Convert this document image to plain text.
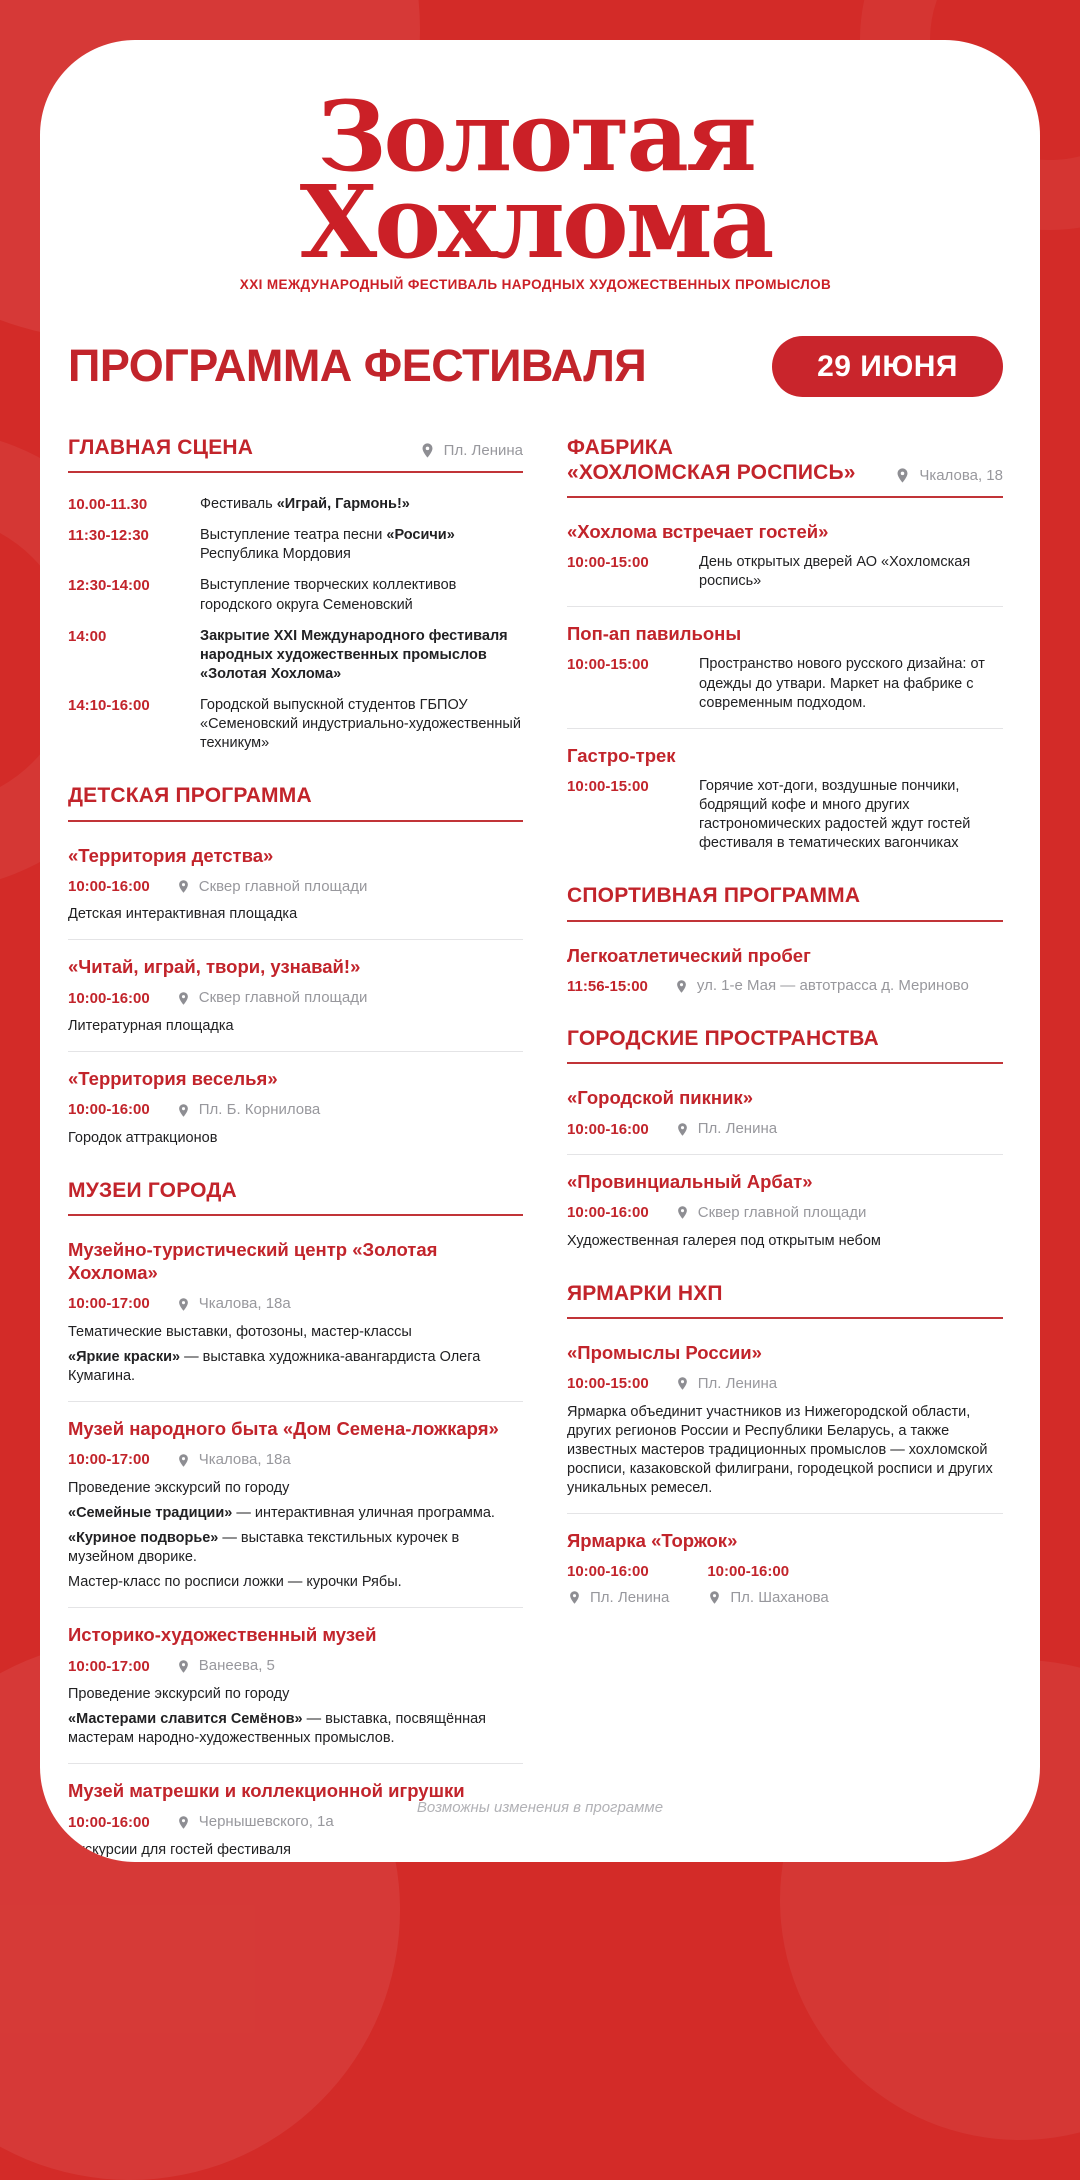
Золотая
Хохлома
XXI МЕЖДУНАРОДНЫЙ ФЕСТИВАЛЬ НАРОДНЫХ ХУДОЖЕСТВЕННЫХ ПРОМЫСЛОВ
ПРОГРАММА ФЕСТИВАЛЯ	29 ИЮНЯ
ГЛАВНАЯ СЦЕНА	Пл. Ленина
10.00-11.30	Фестиваль «Играй, Гармонь!»
11:30-12:30	Выступление театра песни «Росичи»
Республика Мордовия
12:30-14:00	Выступление творческих коллективов городского округа Семеновский
14:00	Закрытие XXI Международного фестиваля народных художественных промыслов «Золотая Хохлома»
14:10-16:00	Городской выпускной студентов ГБПОУ «Семеновский индустриально-художественный техникум»
ДЕТСКАЯ ПРОГРАММА
«Территория детства»
10:00-16:00	Сквер главной площади

Детская интерактивная площадка

«Читай, играй, твори, узнавай!»
10:00-16:00	Сквер главной площади

Литературная площадка

«Территория веселья»
10:00-16:00	Пл. Б. Корнилова

Городок аттракционов

МУЗЕИ ГОРОДА
Музейно-туристический центр «Золотая Хохлома»
10:00-17:00	Чкалова, 18а

Тематические выставки, фотозоны, мастер-классы

«Яркие краски» — выставка художника-авангардиста Олега Кумагина.

Музей народного быта «Дом Семена-ложкаря»
10:00-17:00	Чкалова, 18а

Проведение экскурсий по городу

«Семейные традиции» — интерактивная уличная программа.

«Куриное подворье» — выставка текстильных курочек в музейном дворике.

Мастер-класс по росписи ложки — курочки Рябы.

Историко-художественный музей
10:00-17:00	Ванеева, 5

Проведение экскурсий по городу

«Мастерами славится Семёнов» — выставка, посвящённая мастерам народно-художественных промыслов.

Музей матрешки и коллекционной игрушки
10:00-16:00	Чернышевского, 1а

Экскурсии для гостей фестиваля

ФАБРИКА
«ХОХЛОМСКАЯ РОСПИСЬ»	Чкалова, 18
«Хохлома встречает гостей»
10:00-15:00	День открытых дверей АО «Хохломская роспись»
Поп-ап павильоны
10:00-15:00	Пространство нового русского дизайна: от одежды до утвари. Маркет на фабрике с современным подходом.
Гастро-трек
10:00-15:00	Горячие хот-доги, воздушные пончики, бодрящий кофе и много других гастрономических радостей ждут гостей фестиваля в тематических вагончиках
СПОРТИВНАЯ ПРОГРАММА
Легкоатлетический пробег
11:56-15:00	ул. 1-е Мая — автотрасса д. Мериново
ГОРОДСКИЕ ПРОСТРАНСТВА
«Городской пикник»
10:00-16:00	Пл. Ленина
«Провинциальный Арбат»
10:00-16:00	Сквер главной площади

Художественная галерея под открытым небом

ЯРМАРКИ НХП
«Промыслы России»
10:00-15:00	Пл. Ленина

Ярмарка объединит участников из Нижегородской области, других регионов России и Республики Беларусь, а также известных мастеров традиционных промыслов — хохломской росписи, казаковской филиграни, городецкой росписи и других уникальных ремесел.

Ярмарка «Торжок»
10:00-16:00
Пл. Ленина
10:00-16:00
Пл. Шаханова

Возможны изменения в программе
